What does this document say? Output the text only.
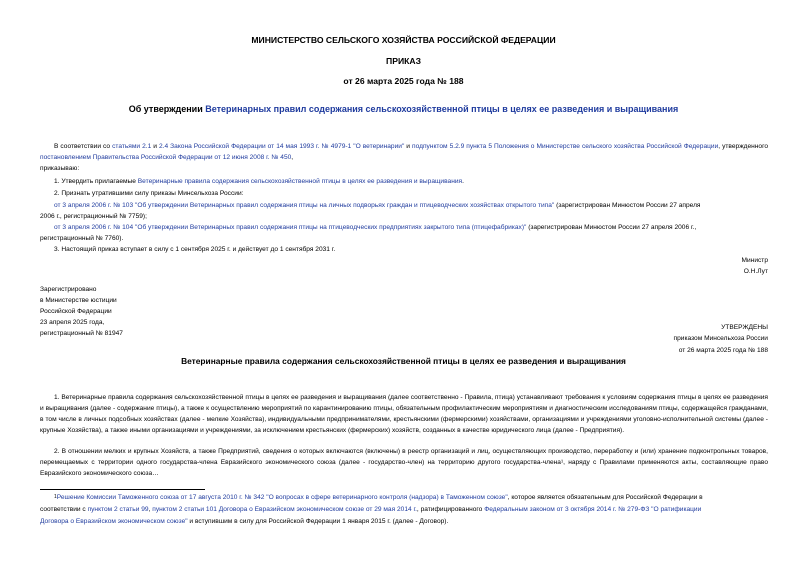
МИНИСТЕРСТВО СЕЛЬСКОГО ХОЗЯЙСТВА РОССИЙСКОЙ ФЕДЕРАЦИИ
ПРИКАЗ
от 26 марта 2025 года № 188
Об утверждении Ветеринарных правил содержания сельскохозяйственной птицы в целях ее разведения и выращивания
В соответствии со статьями 2.1 и 2.4 Закона Российской Федерации от 14 мая 1993 г. № 4979-1 "О ветеринарии" и подпунктом 5.2.9 пункта 5 Положения о Министерстве сельского хозяйства Российской Федерации, утвержденного постановлением Правительства Российской Федерации от 12 июня 2008 г. № 450,
приказываю:
1. Утвердить прилагаемые Ветеринарные правила содержания сельскохозяйственной птицы в целях ее разведения и выращивания.
2. Признать утратившими силу приказы Минсельхоза России:
от 3 апреля 2006 г. № 103 "Об утверждении Ветеринарных правил содержания птицы на личных подворьях граждан и птицеводческих хозяйствах открытого типа" (зарегистрирован Минюстом России 27 апреля
2006 г., регистрационный № 7759);
от 3 апреля 2006 г. № 104 "Об утверждении Ветеринарных правил содержания птицы на птицеводческих предприятиях закрытого типа (птицефабриках)" (зарегистрирован Минюстом России 27 апреля 2006 г.,
регистрационный № 7760).
3. Настоящий приказ вступает в силу с 1 сентября 2025 г. и действует до 1 сентября 2031 г.
Министр
О.Н.Лут
Зарегистрировано
в Министерстве юстиции
Российской Федерации
23 апреля 2025 года,
регистрационный № 81947
УТВЕРЖДЕНЫ
приказом Минсельхоза России
от 26 марта 2025 года № 188
Ветеринарные правила содержания сельскохозяйственной птицы в целях ее разведения и выращивания
1. Ветеринарные правила содержания сельскохозяйственной птицы в целях ее разведения и выращивания (далее соответственно - Правила, птица) устанавливают требования к условиям содержания птицы в целях ее разведения и выращивания (далее - содержание птицы), а также к осуществлению мероприятий по карантинированию птицы, обязательным профилактическим мероприятиям и диагностическим исследованиям птицы, содержащейся гражданами, в том числе в личных подсобных хозяйствах (далее - мелкие Хозяйства), индивидуальными предпринимателями, крестьянскими (фермерскими) хозяйствами, организациями и учреждениями уголовно-исполнительной системы (далее - крупные Хозяйства), а также иными организациями и учреждениями, за исключением крестьянских (фермерских) хозяйств, созданных в качестве юридического лица (далее - Предприятия).
2. В отношении мелких и крупных Хозяйств, а также Предприятий, сведения о которых включаются (включены) в реестр организаций и лиц, осуществляющих производство, переработку и (или) хранение подконтрольных товаров, перемещаемых с территории одного государства-члена Евразийского экономического союза (далее - государство-член) на территорию другого государства-члена¹, наряду с Правилами применяются акты, составляющие право Евразийского экономического союза…
$^1$Решение Комиссии Таможенного союза от 17 августа 2010 г. № 342 "О вопросах в сфере ветеринарного контроля (надзора) в Таможенном союзе", которое является обязательным для Российской Федерации в
соответствии с пунктом 2 статьи 99, пунктом 2 статьи 101 Договора о Евразийском экономическом союзе от 29 мая 2014 г., ратифицированного Федеральным законом от 3 октября 2014 г. № 279-ФЗ "О ратификации
Договора о Евразийском экономическом союзе" и вступившим в силу для Российской Федерации 1 января 2015 г. (далее - Договор).
